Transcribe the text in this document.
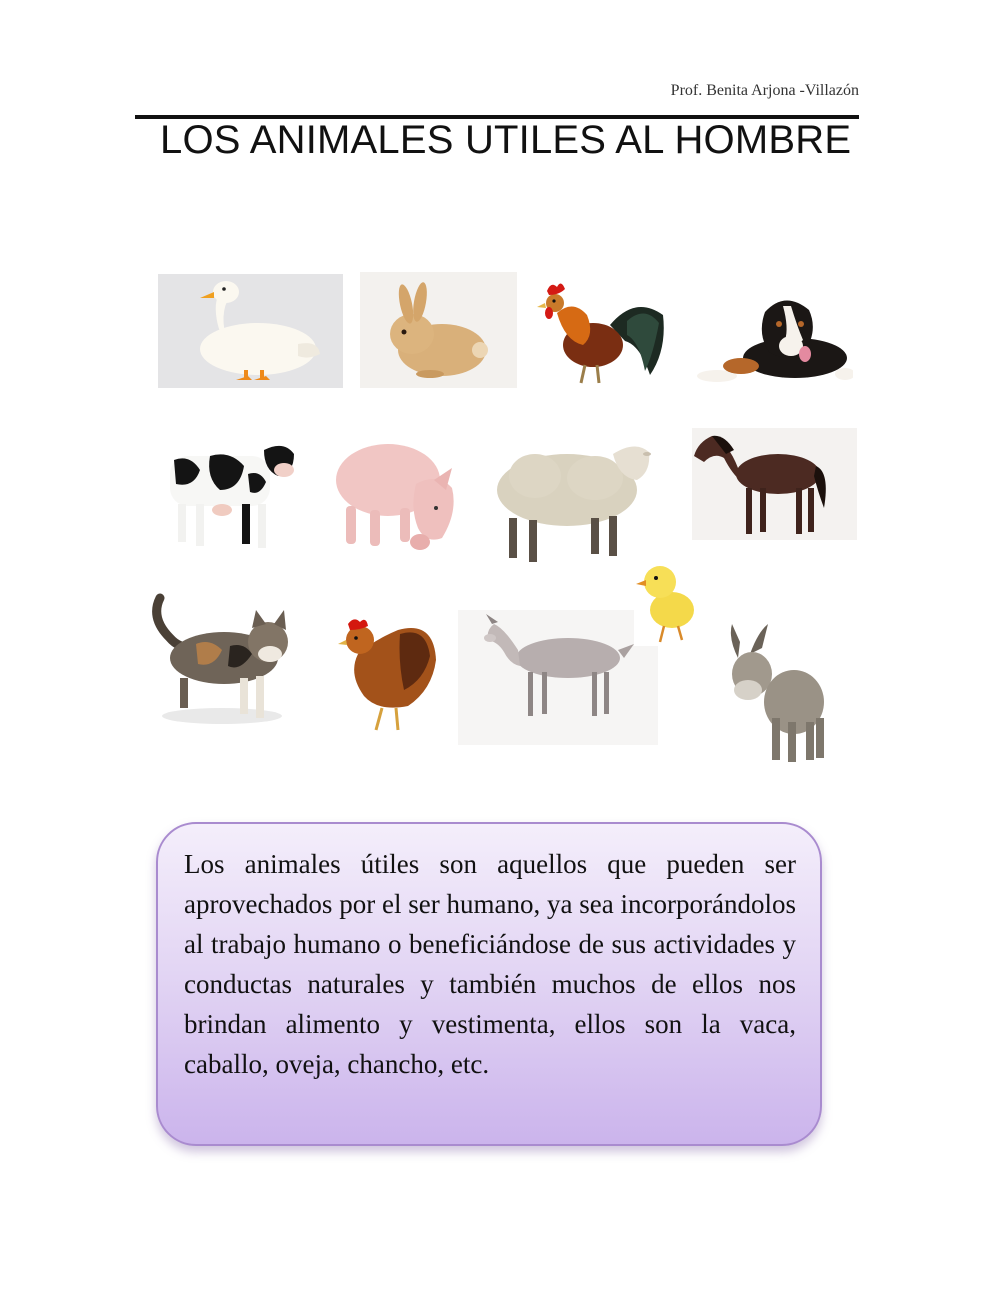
Prof. Benita Arjona -Villazón
LOS ANIMALES UTILES AL HOMBRE

Los animales útiles son aquellos que pueden ser aprovechados por el ser humano, ya sea incorporándolos al trabajo humano o beneficiándose de sus actividades y conductas naturales y también muchos de ellos nos brindan alimento y vestimenta, ellos son la vaca, caballo, oveja, chancho, etc.
